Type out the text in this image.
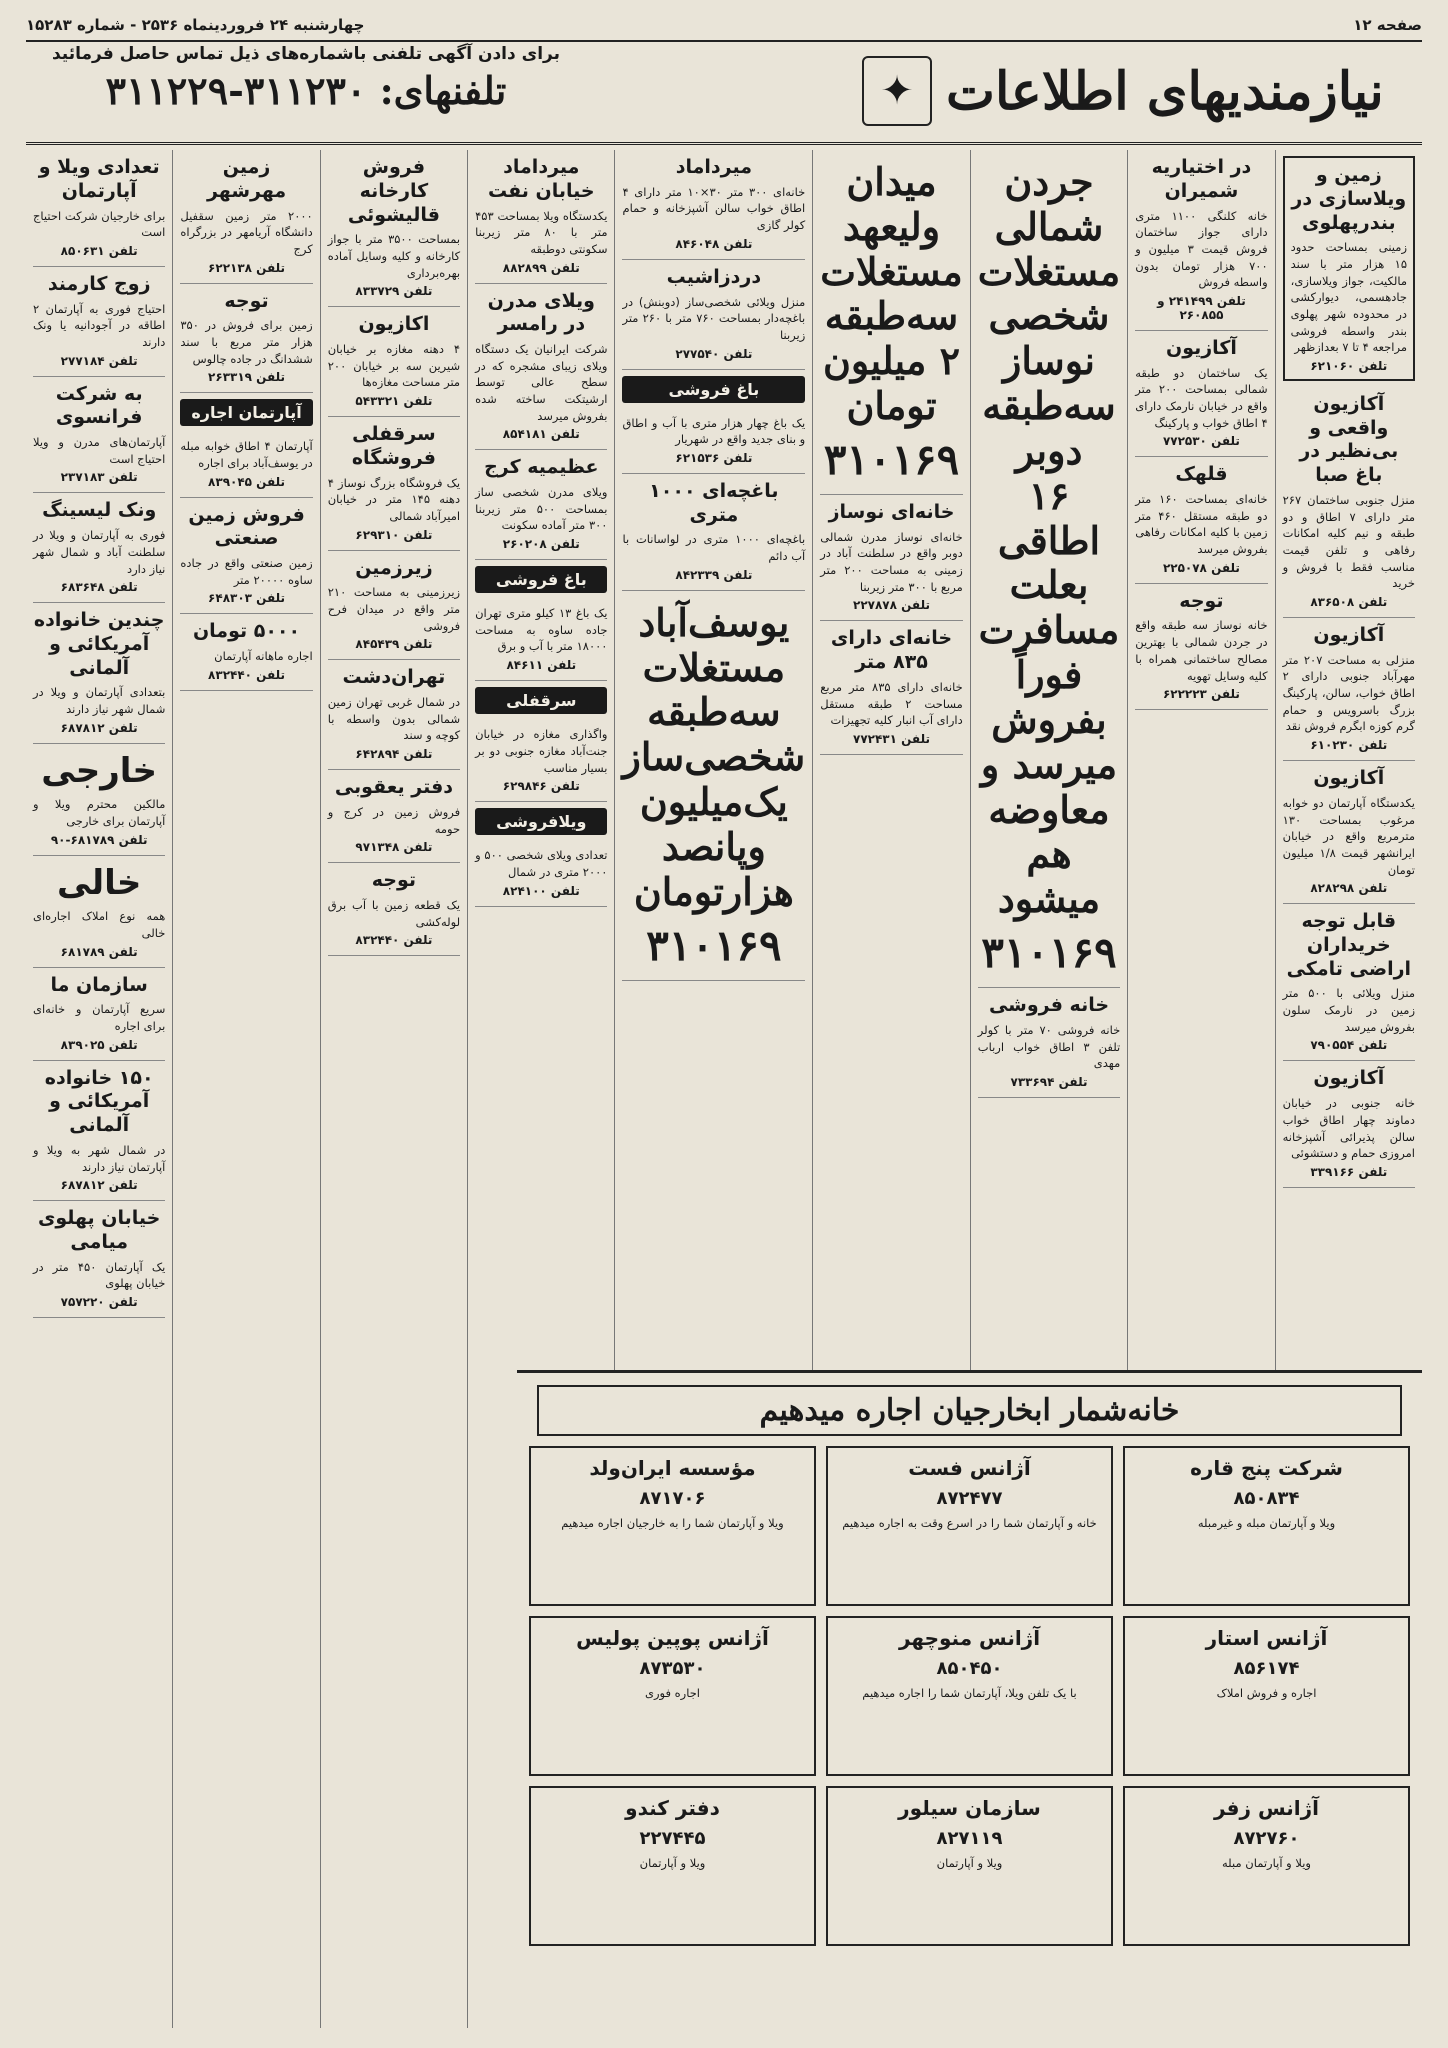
صفحه ۱۲
چهارشنبه ۲۴ فروردینماه ۲۵۳۶ - شماره ۱۵۲۸۳
نیازمندیهای اطلاعات
✦
برای دادن آگهی تلفنی باشماره‌های ذیل تماس حاصل فرمائید
تلفنهای: ۳۱۱۲۳۰-۳۱۱۲۲۹
زمین و ویلاسازی در بندرپهلوی

زمینی بمساحت حدود ۱۵ هزار متر با سند مالکیت، جواز ویلاسازی، جادهسمی، دیوارکشی در محدوده شهر پهلوی بندر واسطه فروشی مراجعه ۴ تا ۷ بعدازظهر

تلفن ۶۲۱۰۶۰
آکازیون واقعی و بی‌نظیر در باغ صبا

منزل جنوبی ساختمان ۲۶۷ متر دارای ۷ اطاق و دو طبقه و نیم کلیه امکانات رفاهی و تلفن قیمت مناسب فقط با فروش و خرید

تلفن ۸۳۶۵۰۸
آکازیون

منزلی به مساحت ۲۰۷ متر مهرآباد جنوبی دارای ۲ اطاق خواب، سالن، پارکینگ بزرگ باسرویس و حمام گرم کوزه ابگرم فروش نقد

تلفن ۶۱۰۲۳۰
آکازیون

یکدستگاه آپارتمان دو خوابه مرغوب بمساحت ۱۳۰ مترمربع واقع در خیابان ایرانشهر قیمت ۱/۸ میلیون تومان

تلفن ۸۲۸۲۹۸
قابل توجه خریداران اراضی تامکی

منزل ویلائی با ۵۰۰ متر زمین در نارمک سلون بفروش میرسد

تلفن ۷۹۰۵۵۴
آکازیون

خانه جنوبی در خیابان دماوند چهار اطاق خواب سالن پذیرائی آشپزخانه امروزی حمام و دستشوئی

تلفن ۳۳۹۱۶۶
در اختیاریه شمیران

خانه کلنگی ۱۱۰۰ متری دارای جواز ساختمان فروش قیمت ۳ میلیون و ۷۰۰ هزار تومان بدون واسطه فروش

تلفن ۲۴۱۴۹۹ و ۲۶۰۸۵۵
آکازیون

یک ساختمان دو طبقه شمالی بمساحت ۲۰۰ متر واقع در خیابان نارمک دارای ۴ اطاق خواب و پارکینگ

تلفن ۷۷۲۵۳۰
قلهک

خانه‌ای بمساحت ۱۶۰ متر دو طبقه مستقل ۴۶۰ متر زمین با کلیه امکانات رفاهی بفروش میرسد

تلفن ۲۲۵۰۷۸
توجه

خانه نوساز سه طبقه واقع در جردن شمالی با بهترین مصالح ساختمانی همراه با کلیه وسایل تهویه

تلفن ۶۲۲۲۲۳
جردن
شمالی
مستغلات
شخصی
نوساز
سه‌طبقه
دوبر
۱۶ اطاقی
بعلت
مسافرت
فوراً بفروش
میرسد و
معاوضه
هم میشود
۳۱۰۱۶۹
خانه فروشی

خانه فروشی ۷۰ متر با کولر تلفن ۳ اطاق خواب ارباب مهدی

تلفن ۷۳۳۶۹۴
میدان
ولیعهد
مستغلات
سه‌طبقه
۲ میلیون
تومان
۳۱۰۱۶۹
خانه‌ای نوساز

خانه‌ای نوساز مدرن شمالی دوبر واقع در سلطنت آباد در زمینی به مساحت ۲۰۰ متر مربع با ۳۰۰ متر زیربنا

تلفن ۲۲۷۸۷۸
خانه‌ای دارای ۸۳۵ متر

خانه‌ای دارای ۸۳۵ متر مربع مساحت ۲ طبقه مستقل دارای آب انبار کلیه تجهیزات

تلفن ۷۷۲۴۳۱
میرداماد

خانه‌ای ۳۰۰ متر ۳۰×۱۰ متر دارای ۴ اطاق خواب سالن آشپزخانه و حمام کولر گازی

تلفن ۸۴۶۰۴۸
دردزاشیب

منزل ویلائی شخصی‌ساز (دوبنش) در باغچه‌دار بمساحت ۷۶۰ متر با ۲۶۰ متر زیربنا

تلفن ۲۷۷۵۴۰
باغ فروشی

یک باغ چهار هزار متری با آب و اطاق و بنای جدید واقع در شهریار

تلفن ۶۲۱۵۳۶
باغچه‌ای ۱۰۰۰ متری

باغچه‌ای ۱۰۰۰ متری در لواسانات با آب دائم

تلفن ۸۴۲۳۳۹
یوسف‌آباد
مستغلات
سه‌طبقه
شخصی‌ساز
یک‌میلیون
وپانصد
هزارتومان
۳۱۰۱۶۹
میرداماد خیابان نفت

یکدستگاه ویلا بمساحت ۴۵۳ متر با ۸۰ متر زیربنا سکونتی دوطبقه

تلفن ۸۸۲۸۹۹
ویلای مدرن در رامسر

شرکت ایرانیان یک دستگاه ویلای زیبای مشجره که در سطح عالی توسط ارشیتکت ساخته شده بفروش میرسد

تلفن ۸۵۴۱۸۱
عظیمیه کرج

ویلای مدرن شخصی ساز بمساحت ۵۰۰ متر زیربنا ۳۰۰ متر آماده سکونت

تلفن ۲۶۰۲۰۸
باغ فروشی

یک باغ ۱۳ کیلو متری تهران جاده ساوه به مساحت ۱۸۰۰۰ متر با آب و برق

تلفن ۸۴۶۱۱
سرقفلی

واگذاری مغازه در خیابان جنت‌آباد مغازه جنوبی دو بر بسیار مناسب

تلفن ۶۲۹۸۴۶
ویلافروشی

تعدادی ویلای شخصی ۵۰۰ و ۲۰۰۰ متری در شمال

تلفن ۸۲۴۱۰۰
فروش کارخانه قالیشوئی

بمساحت ۳۵۰۰ متر با جواز کارخانه و کلیه وسایل آماده بهره‌برداری

تلفن ۸۳۳۷۲۹
اکازیون

۴ دهنه مغازه بر خیابان شیرین سه بر خیابان ۲۰۰ متر مساحت مغازه‌ها

تلفن ۵۴۳۳۲۱
سرقفلی فروشگاه

یک فروشگاه بزرگ نوساز ۴ دهنه ۱۴۵ متر در خیابان امیرآباد شمالی

تلفن ۶۲۹۳۱۰
زیرزمین

زیرزمینی به مساحت ۲۱۰ متر واقع در میدان فرح فروشی

تلفن ۸۴۵۴۳۹
تهران‌دشت

در شمال غربی تهران زمین شمالی بدون واسطه با کوچه و سند

تلفن ۶۴۲۸۹۴
دفتر یعقوبی

فروش زمین در کرج و حومه

تلفن ۹۷۱۳۴۸
توجه

یک قطعه زمین با آب برق لوله‌کشی

تلفن ۸۳۲۴۴۰
زمین مهرشهر

۲۰۰۰ متر زمین سقفیل دانشگاه آریامهر در بزرگراه کرج

تلفن ۶۲۲۱۳۸
توجه

زمین برای فروش در ۳۵۰ هزار متر مربع با سند ششدانگ در جاده چالوس

تلفن ۲۶۳۳۱۹
آپارتمان اجاره

آپارتمان ۴ اطاق خوابه مبله در یوسف‌آباد برای اجاره

تلفن ۸۳۹۰۴۵
فروش زمین صنعتی

زمین صنعتی واقع در جاده ساوه ۲۰۰۰۰ متر

تلفن ۶۴۸۳۰۳
۵۰۰۰ تومان

اجاره ماهانه آپارتمان

تلفن ۸۳۲۴۴۰
تعدادی ویلا و آپارتمان

برای خارجیان شرکت احتیاج است

تلفن ۸۵۰۶۳۱
زوج کارمند

احتیاج فوری به آپارتمان ۲ اطاقه در آجودانیه یا ونک دارند

تلفن ۲۷۷۱۸۴
به شرکت فرانسوی

آپارتمان‌های مدرن و ویلا احتیاج است

تلفن ۲۳۷۱۸۳
ونک لیسینگ

فوری به آپارتمان و ویلا در سلطنت آباد و شمال شهر نیاز دارد

تلفن ۶۸۳۶۴۸
چندین خانواده آمریکائی و آلمانی

بتعدادی آپارتمان و ویلا در شمال شهر نیاز دارند

تلفن ۶۸۷۸۱۲
خارجی

مالکین محترم ویلا و آپارتمان برای خارجی

تلفن ۶۸۱۷۸۹-۹۰
خالی

همه نوع املاک اجاره‌ای خالی

تلفن ۶۸۱۷۸۹
سازمان ما

سریع آپارتمان و خانه‌ای برای اجاره

تلفن ۸۳۹۰۲۵
۱۵۰ خانواده آمریکائی و آلمانی

در شمال شهر به ویلا و آپارتمان نیاز دارند

تلفن ۶۸۷۸۱۲
خیابان پهلوی میامی

یک آپارتمان ۴۵۰ متر در خیابان پهلوی

تلفن ۷۵۷۲۲۰
خانه‌شمار ابخارجیان اجاره میدهیم
شرکت پنج قاره
۸۵۰۸۳۴
ویلا و آپارتمان مبله و غیرمبله
آژانس فست
۸۷۲۴۷۷
خانه و آپارتمان شما را در اسرع وقت به اجاره میدهیم
مؤسسه ایران‌ولد
۸۷۱۷۰۶
ویلا و آپارتمان شما را به خارجیان اجاره میدهیم
آژانس استار
۸۵۶۱۷۴
اجاره و فروش املاک
آژانس منوچهر
۸۵۰۴۵۰
با یک تلفن ویلا، آپارتمان شما را اجاره میدهیم
آژانس پوپین پولیس
۸۷۳۵۳۰
اجاره فوری
آژانس زفر
۸۷۲۷۶۰
ویلا و آپارتمان مبله
سازمان سیلور
۸۲۷۱۱۹
ویلا و آپارتمان
دفتر کندو
۲۲۷۴۴۵
ویلا و آپارتمان
